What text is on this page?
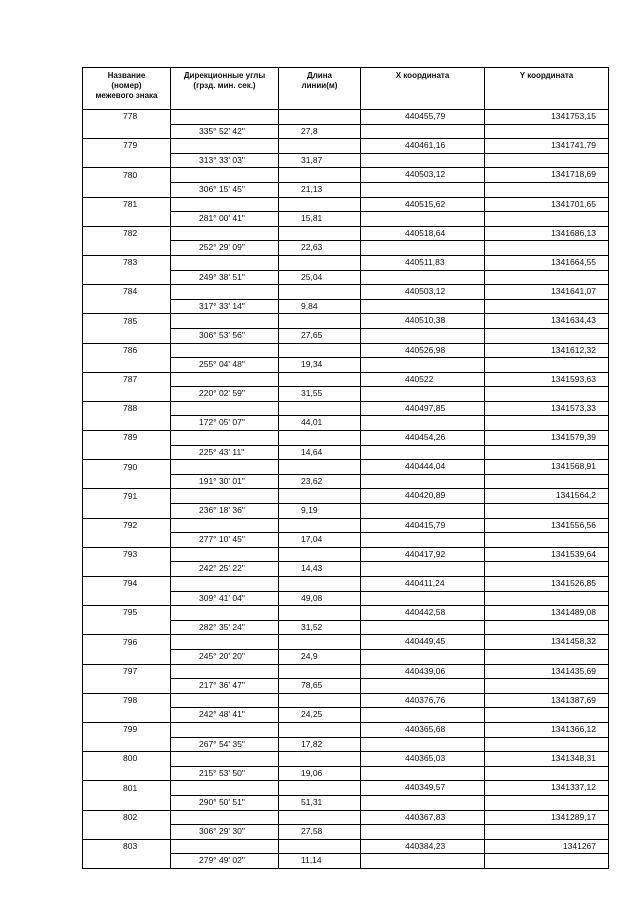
Название
(номер)
межевого знака	Дирекционные углы
(грзд. мин. сек.)	Длина
линии(м)	X координата	Y координата
778			440455,79	1341753,15
	335° 52' 42"	27,8		
779			440461,16	1341741,79
	313° 33' 03"	31,87		
780			440503,12	1341718,69
	306° 15' 45"	21,13		
781			440515,62	1341701,65
	281° 00' 41"	15,81		
782			440518,64	1341686,13
	252° 29' 09"	22,63		
783			440511,83	1341664,55
	249° 38' 51"	25,04		
784			440503,12	1341641,07
	317° 33' 14"	9,84		
785			440510,38	1341634,43
	306° 53' 56"	27,65		
786			440526,98	1341612,32
	255° 04' 48"	19,34		
787			440522	1341593,63
	220° 02' 59"	31,55		
788			440497,85	1341573,33
	172° 05' 07"	44,01		
789			440454,26	1341579,39
	225° 43' 11"	14,64		
790			440444,04	1341568,91
	191° 30' 01"	23,62		
791			440420,89	1341564,2
	236° 18' 36"	9,19		
792			440415,79	1341556,56
	277° 10' 45"	17,04		
793			440417,92	1341539,64
	242° 25' 22"	14,43		
794			440411,24	1341526,85
	309° 41' 04"	49,08		
795			440442,58	1341489,08
	282° 35' 24"	31,52		
796			440449,45	1341458,32
	245° 20' 20"	24,9		
797			440439,06	1341435,69
	217° 36' 47"	78,65		
798			440376,76	1341387,69
	242° 48' 41"	24,25		
799			440365,68	1341366,12
	267° 54' 35"	17,82		
800			440365,03	1341348,31
	215° 53' 50"	19,06		
801			440349,57	1341337,12
	290° 50' 51"	51,31		
802			440367,83	1341289,17
	306° 29' 30"	27,58		
803			440384,23	1341267
	279° 49' 02"	11,14		
